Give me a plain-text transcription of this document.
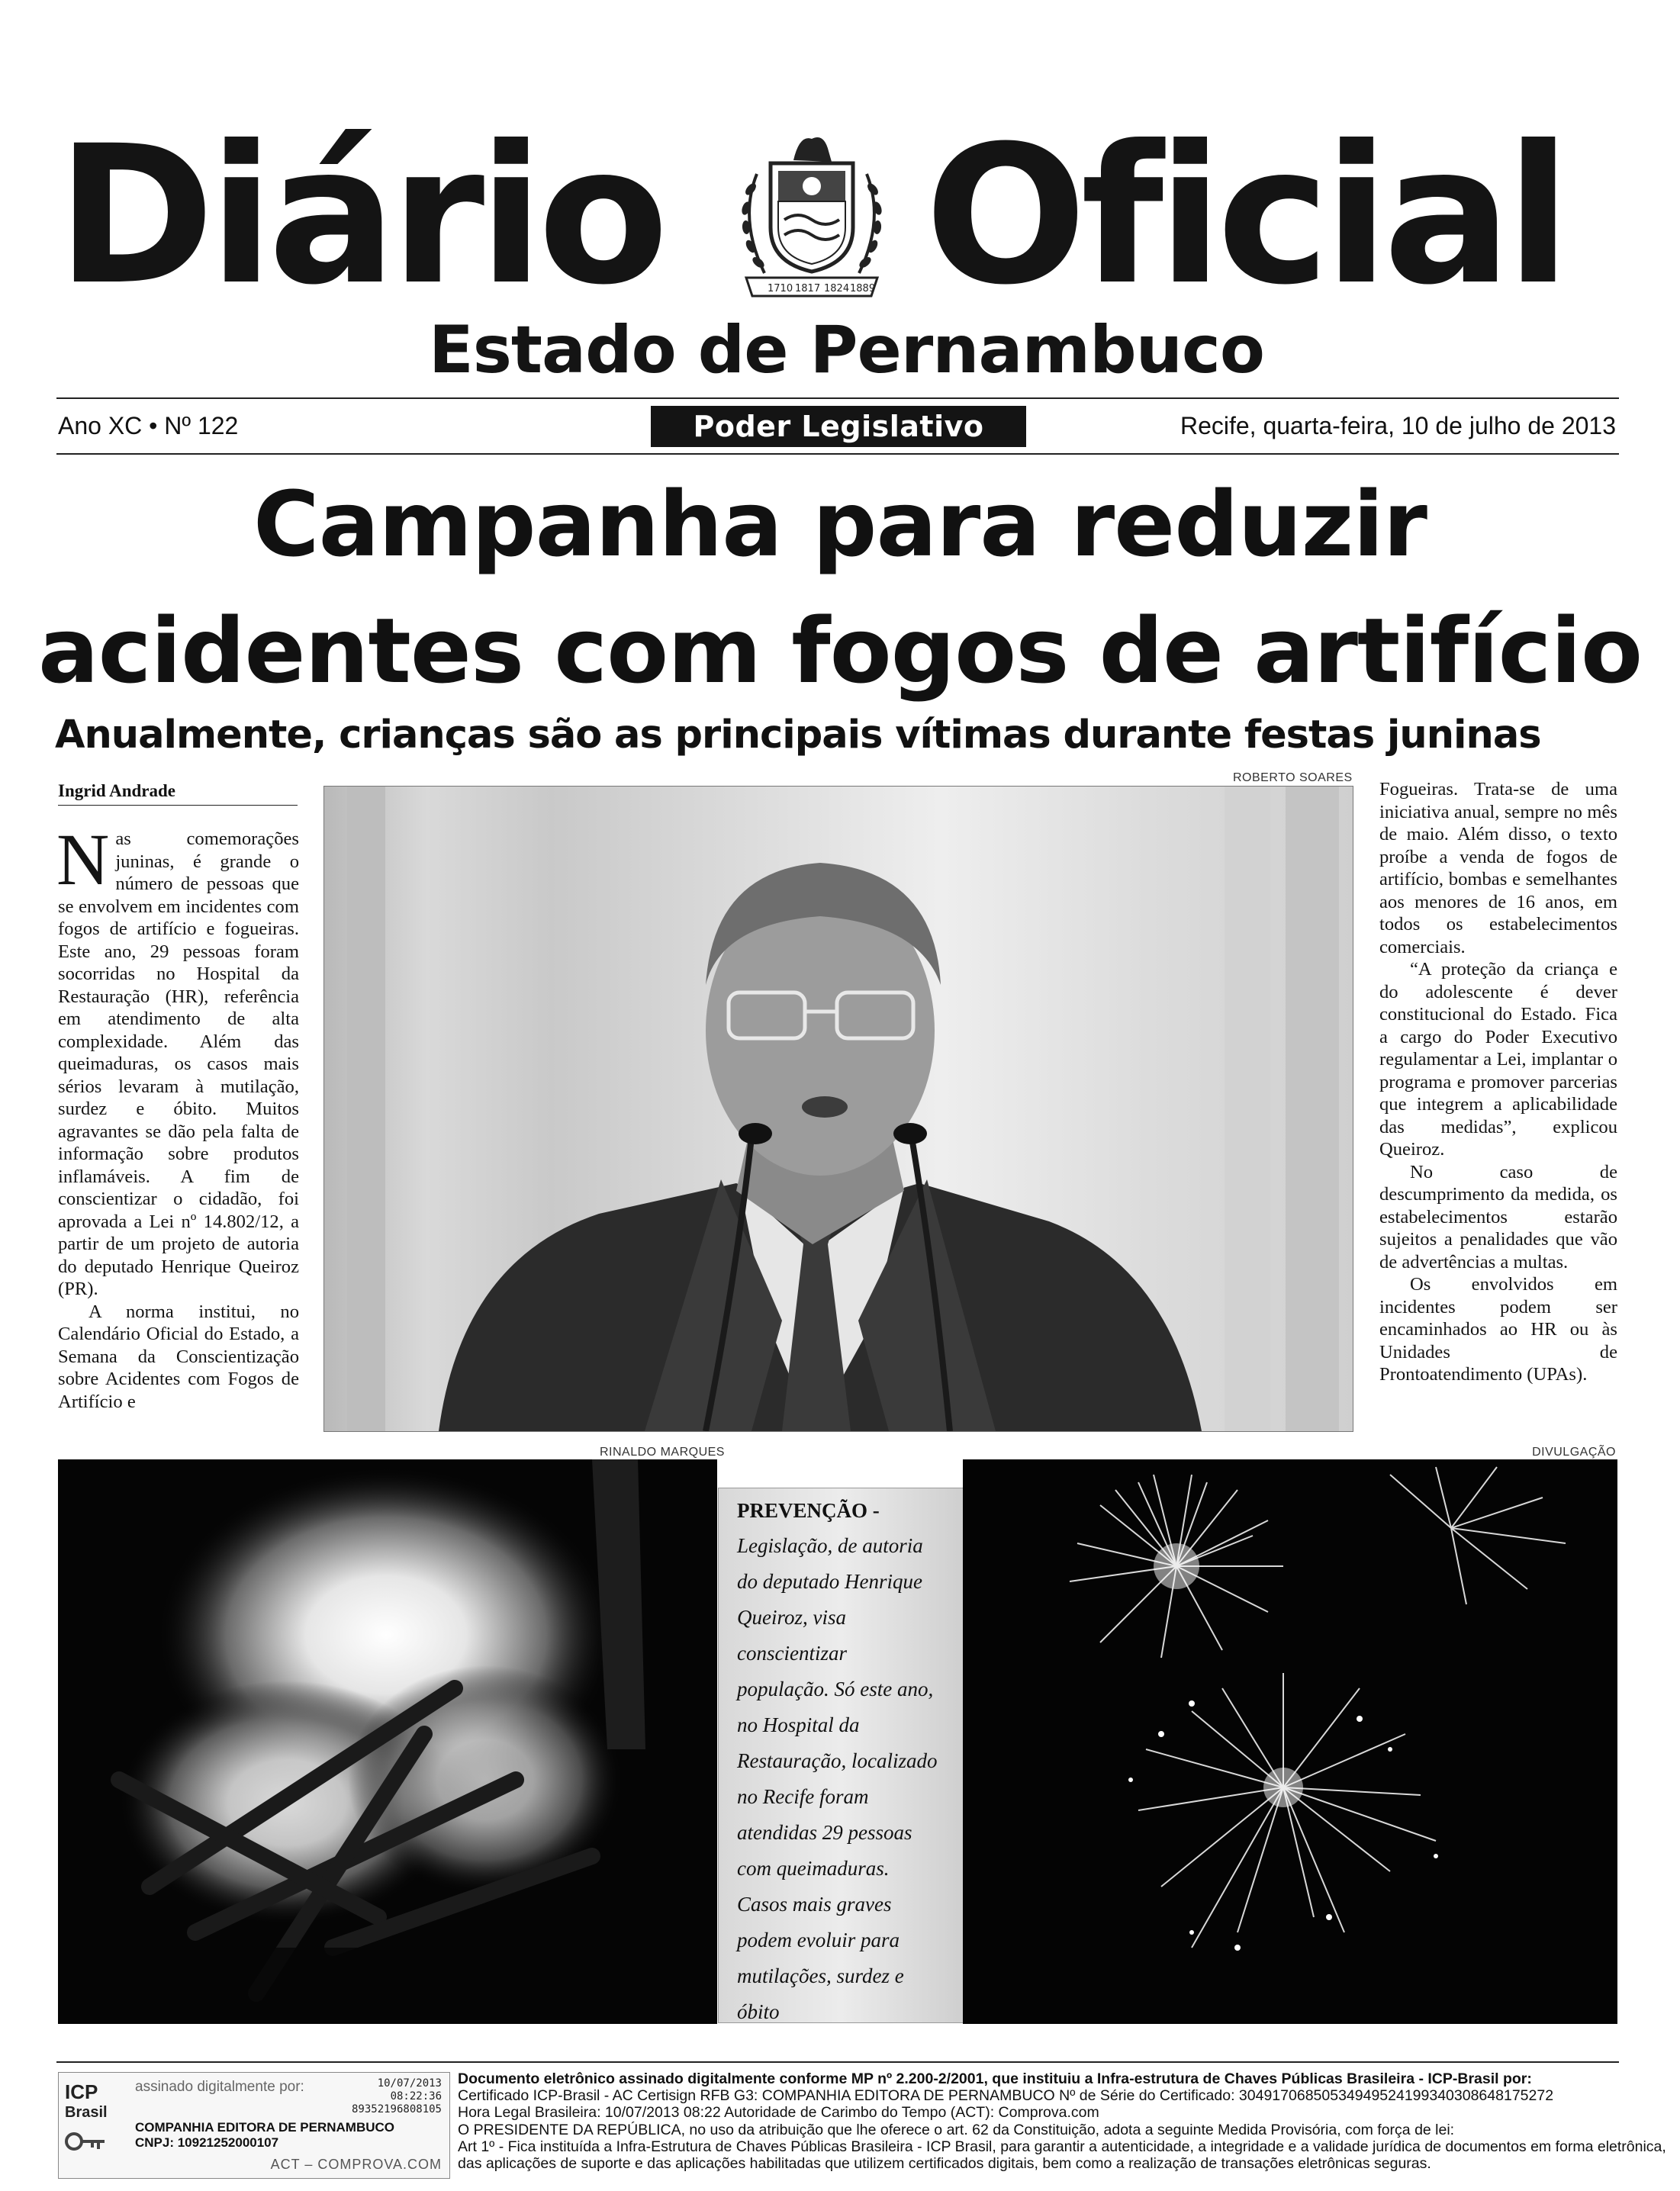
Diário	1710 1817 1824 1889 Oficial
Estado de Pernambuco
Ano XC • Nº 122	Poder Legislativo	Recife, quarta-feira, 10 de julho de 2013
Campanha para reduzir
acidentes com fogos de artifício
Anualmente, crianças são as principais vítimas durante festas juninas
Ingrid Andrade

Nas comemorações juninas, é grande o número de pessoas que se envolvem em incidentes com fogos de artifício e fogueiras. Este ano, 29 pessoas foram socorridas no Hospital da Restauração (HR), referência em atendimento de alta complexidade. Além das queimaduras, os casos mais sérios levaram à mutilação, surdez e óbito. Muitos agravantes se dão pela falta de informação sobre produtos inflamáveis. A fim de conscientizar o cidadão, foi aprovada a Lei nº 14.802/12, a partir de um projeto de autoria do deputado Henrique Queiroz (PR).

A norma institui, no Calendário Oficial do Estado, a Semana da Conscientização sobre Acidentes com Fogos de Artifício e

ROBERTO SOARES

Fogueiras. Trata-se de uma iniciativa anual, sempre no mês de maio. Além disso, o texto proíbe a venda de fogos de artifício, bombas e semelhantes aos menores de 16 anos, em todos os estabelecimentos comerciais.

“A proteção da criança e do adolescente é dever constitucional do Estado. Fica a cargo do Poder Executivo regulamentar a Lei, implantar o programa e promover parcerias que integrem a aplicabilidade das medidas”, explicou Queiroz.

No caso de descumprimento da medida, os estabelecimentos estarão sujeitos a penalidades que vão de advertências a multas.

Os envolvidos em incidentes podem ser encaminhados ao HR ou às Unidades de Prontoatendimento (UPAs).

RINALDO MARQUES	DIVULGAÇÃO
PREVENÇÃO -
Legislação, de autoria
do deputado Henrique
Queiroz, visa
conscientizar
população. Só este ano,
no Hospital da
Restauração, localizado
no Recife foram
atendidas 29 pessoas
com queimaduras.
Casos mais graves
podem evoluir para
mutilações, surdez e
óbito
ICP
Brasil
assinado digitalmente por:	10/07/2013
08:22:36
89352196808105
COMPANHIA EDITORA DE PERNAMBUCO
CNPJ: 10921252000107
ACT – COMPROVA.COM
Documento eletrônico assinado digitalmente conforme MP nº 2.200-2/2001, que instituiu a Infra-estrutura de Chaves Públicas Brasileira - ICP-Brasil por:
Certificado ICP-Brasil - AC Certisign RFB G3: COMPANHIA EDITORA DE PERNAMBUCO Nº de Série do Certificado: 3049170685053494952419934030864817527​2
Hora Legal Brasileira: 10/07/2013 08:22 Autoridade de Carimbo do Tempo (ACT): Comprova.com
O PRESIDENTE DA REPÚBLICA, no uso da atribuição que lhe oferece o art. 62 da Constituição, adota a seguinte Medida Provisória, com força de lei:
Art 1º - Fica instituída a Infra-Estrutura de Chaves Públicas Brasileira - ICP Brasil, para garantir a autenticidade, a integridade e a validade jurídica de documentos em forma eletrônica,
das aplicações de suporte e das aplicações habilitadas que utilizem certificados digitais, bem como a realização de transações eletrônicas seguras.
